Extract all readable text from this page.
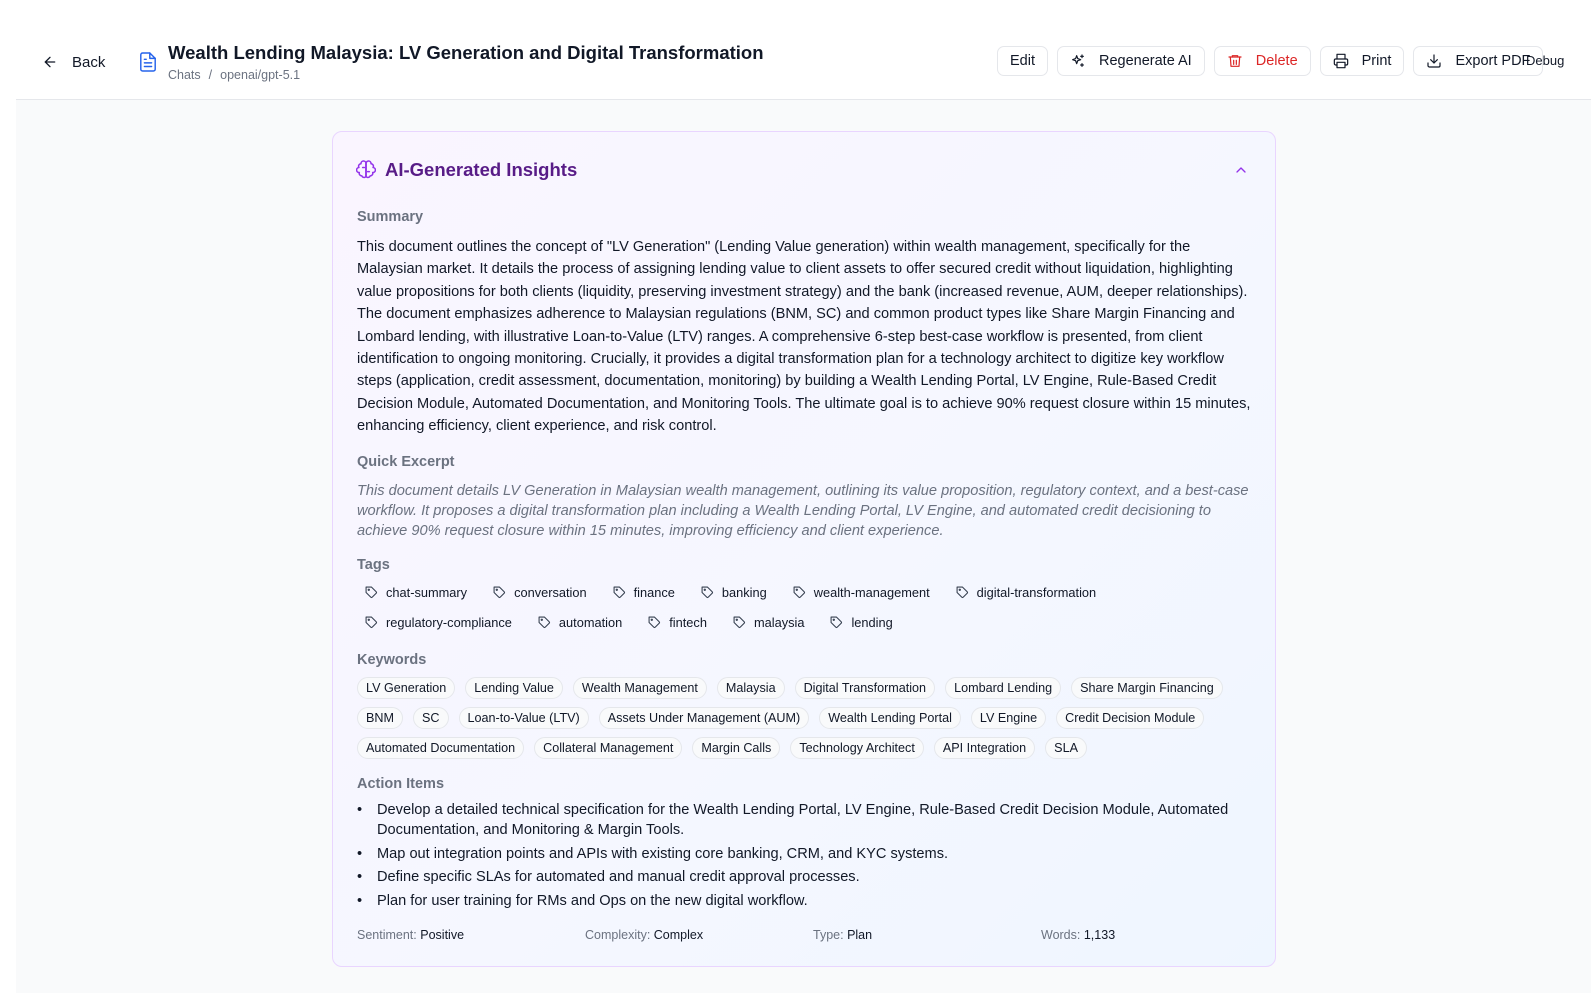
Back	Wealth Lending Malaysia: LV Generation and Digital Transformation
Chats / openai/gpt-5.1
Edit	Regenerate AI	Delete	Print	Export PDF
Debug
AI-Generated Insights
Summary
This document outlines the concept of "LV Generation" (Lending Value generation) within wealth management, specifically for the Malaysian market. It details the process of assigning lending value to client assets to offer secured credit without liquidation, highlighting value propositions for both clients (liquidity, preserving investment strategy) and the bank (increased revenue, AUM, deeper relationships). The document emphasizes adherence to Malaysian regulations (BNM, SC) and common product types like Share Margin Financing and Lombard lending, with illustrative Loan-to-Value (LTV) ranges. A comprehensive 6-step best-case workflow is presented, from client identification to ongoing monitoring. Crucially, it provides a digital transformation plan for a technology architect to digitize key workflow steps (application, credit assessment, documentation, monitoring) by building a Wealth Lending Portal, LV Engine, Rule-Based Credit Decision Module, Automated Documentation, and Monitoring Tools. The ultimate goal is to achieve 90% request closure within 15 minutes, enhancing efficiency, client experience, and risk control.
Quick Excerpt
This document details LV Generation in Malaysian wealth management, outlining its value proposition, regulatory context, and a best-case workflow. It proposes a digital transformation plan including a Wealth Lending Portal, LV Engine, and automated credit decisioning to achieve 90% request closure within 15 minutes, improving efficiency and client experience.
Tags
chat-summary	conversation	finance	banking	wealth-management	digital-transformation
regulatory-compliance	automation	fintech	malaysia	lending
Keywords
LV Generation	Lending Value	Wealth Management	Malaysia	Digital Transformation	Lombard Lending	Share Margin Financing
BNM	SC	Loan-to-Value (LTV)	Assets Under Management (AUM)	Wealth Lending Portal	LV Engine	Credit Decision Module
Automated Documentation	Collateral Management	Margin Calls	Technology Architect	API Integration	SLA
Action Items
• Develop a detailed technical specification for the Wealth Lending Portal, LV Engine, Rule-Based Credit Decision Module, Automated Documentation, and Monitoring & Margin Tools.
• Map out integration points and APIs with existing core banking, CRM, and KYC systems.
• Define specific SLAs for automated and manual credit approval processes.
• Plan for user training for RMs and Ops on the new digital workflow.
Sentiment: Positive	Complexity: Complex	Type: Plan	Words: 1,133
